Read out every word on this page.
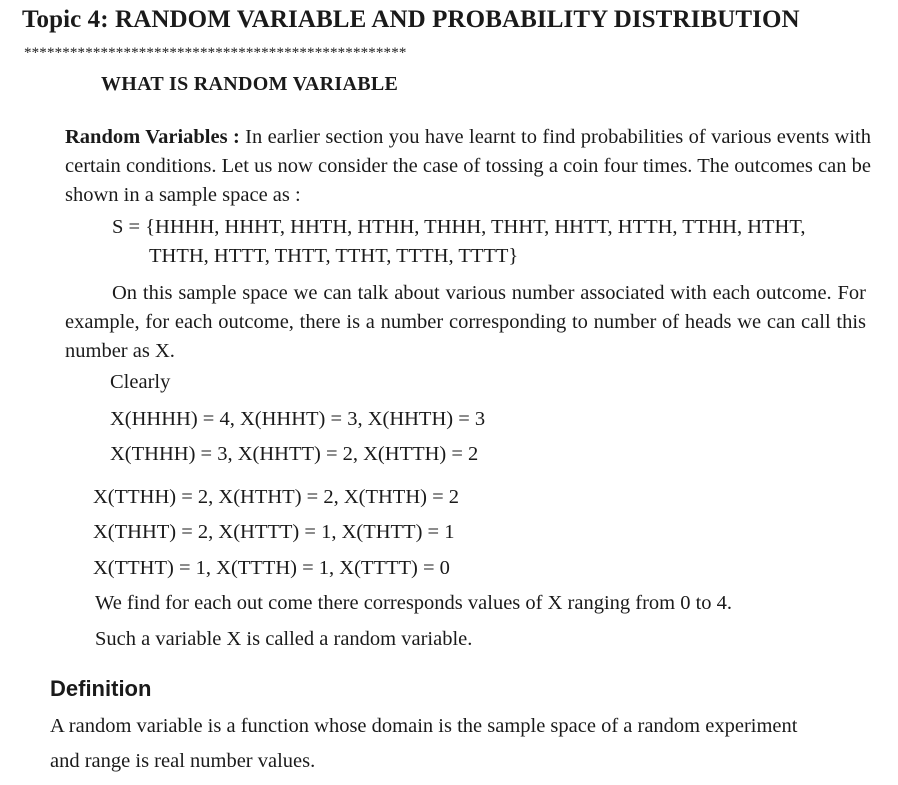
Topic 4: RANDOM VARIABLE AND PROBABILITY DISTRIBUTION
**************************************************
WHAT IS RANDOM VARIABLE
Random Variables : In earlier section you have learnt to find probabilities of various events with certain conditions. Let us now consider the case of tossing a coin four times. The outcomes can be shown in a sample space as :
S = {HHHH, HHHT, HHTH, HTHH, THHH, THHT, HHTT, HTTH, TTHH, HTHT,
THTH, HTTT, THTT, TTHT, TTTH, TTTT}
On this sample space we can talk about various number associated with each outcome. For example, for each outcome, there is a number corresponding to number of heads we can call this number as X.
Clearly
X(HHHH) = 4, X(HHHT) = 3, X(HHTH) = 3
X(THHH) = 3, X(HHTT) = 2, X(HTTH) = 2
X(TTHH) = 2, X(HTHT) = 2, X(THTH) = 2
X(THHT) = 2, X(HTTT) = 1, X(THTT) = 1
X(TTHT) = 1, X(TTTH) = 1, X(TTTT) = 0
We find for each out come there corresponds values of X ranging from 0 to 4.
Such a variable X is called a random variable.
Definition
A random variable is a function whose domain is the sample space of a random experiment
and range is real number values.
